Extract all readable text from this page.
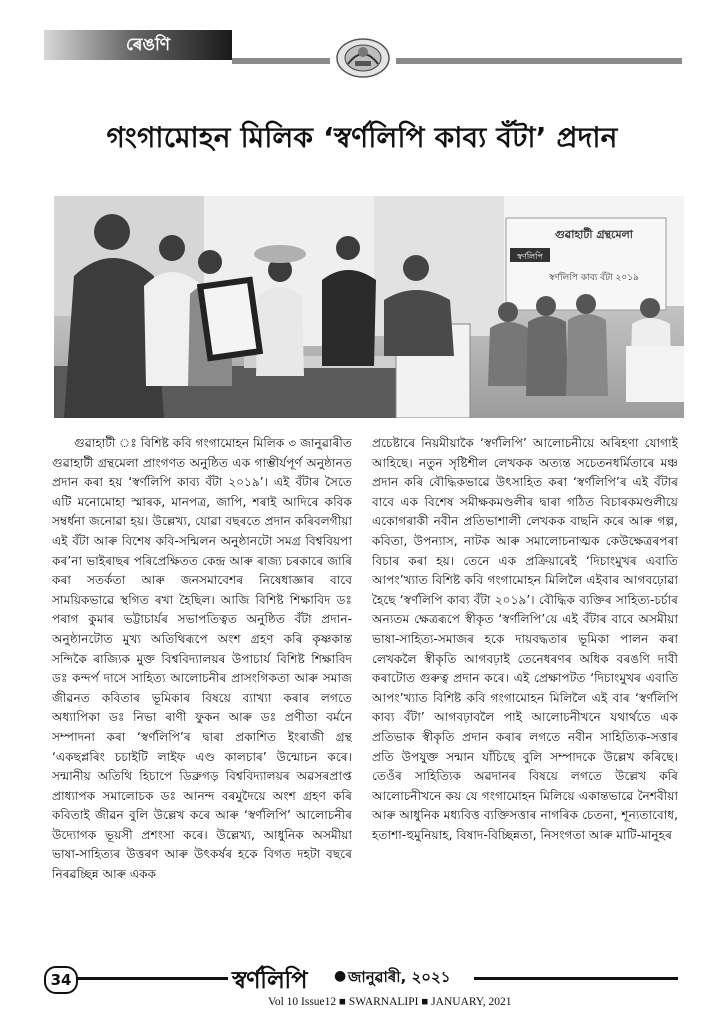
ৰেঙণি
গংগামোহন মিলিক ‘স্বৰ্ণলিপি কাব্য বঁটা’ প্ৰদান
গুৱাহাটী গ্ৰন্থমেলা
স্বৰ্ণলিপি
স্বৰ্ণলিপি কাব্য বঁটা ২০১৯

গুৱাহাটী ঃ বিশিষ্ট কবি গংগামোহন মিলিক ৩ জানুৱাৰীত গুৱাহাটী গ্ৰন্থমেলা প্ৰাংগণত অনুষ্ঠিত এক গাম্ভীৰ্যপূৰ্ণ অনুষ্ঠানত প্ৰদান কৰা হয় ‘স্বৰ্ণলিপি কাব্য বঁটা ২০১৯’। এই বঁটাৰ সৈতে এটি মনোমোহা স্মাৰক, মানপত্ৰ, জাপি, শৰাই আদিৰে কবিক সম্বৰ্ধনা জনোৱা হয়। উল্লেখ্য, যোৱা বছৰতে প্ৰদান কৰিবলগীয়া এই বঁটা আৰু বিশেষ কবি-সন্মিলন অনুষ্ঠানটো সমগ্ৰ বিশ্ববিয়পা কৰ’না ভাইৰাছৰ পৰিপ্ৰেক্ষিতত কেন্দ্ৰ আৰু ৰাজ্য চৰকাৰে জাৰি কৰা সতৰ্কতা আৰু জনসমাবেশৰ নিষেধাজ্ঞাৰ বাবে সাময়িকভাৱে স্থগিত ৰখা হৈছিল। আজি বিশিষ্ট শিক্ষাবিদ ডঃ পৰাগ কুমাৰ ভট্টাচাৰ্যৰ সভাপতিত্বত অনুষ্ঠিত বঁটা প্ৰদান-অনুষ্ঠানটোত মুখ্য অতিথিৰূপে অংশ গ্ৰহণ কৰি কৃষ্ণকান্ত সন্দিকৈ ৰাজ্যিক মুক্ত বিশ্ববিদ্যালয়ৰ উপাচাৰ্য বিশিষ্ট শিক্ষাবিদ ডঃ কন্দৰ্প দাসে সাহিত্য আলোচনীৰ প্ৰাসংগিকতা আৰু সমাজ জীৱনত কবিতাৰ ভূমিকাৰ বিষয়ে ব্যাখ্যা কৰাৰ লগতে অধ্যাপিকা ডঃ নিভা ৰাণী ফুকন আৰু ডঃ প্ৰণীতা বৰ্মনে সম্পাদনা কৰা ‘স্বৰ্ণলিপি’ৰ দ্বাৰা প্ৰকাশিত ইংৰাজী গ্ৰন্থ ‘একছপ্লৰিং চচাইটি লাইফ এণ্ড কালচাৰ’ উন্মোচন কৰে। সন্মানীয় অতিথি হিচাপে ডিব্ৰুগড় বিশ্ববিদ্যালয়ৰ অৱসৰপ্ৰাপ্ত প্ৰাধ্যাপক সমালোচক ডঃ আনন্দ বৰমুদৈয়ে অংশ গ্ৰহণ কৰি কবিতাই জীৱন বুলি উল্লেখ কৰে আৰু ‘স্বৰ্ণলিপি’ আলোচনীৰ উদ্যোগক ভূয়সী প্ৰশংসা কৰে। উল্লেখ্য, আধুনিক অসমীয়া ভাষা-সাহিত্যৰ উত্তৰণ আৰু উৎকৰ্ষৰ হকে বিগত দহটা বছৰে নিৰৱচ্ছিন্ন আৰু একক

প্ৰচেষ্টাৰে নিয়মীয়াকৈ ‘স্বৰ্ণলিপি’ আলোচনীয়ে অৰিহণা যোগাই আহিছে। নতুন সৃষ্টিশীল লেখকক অত্যন্ত সচেতনধৰ্মিতাৰে মঞ্চ প্ৰদান কৰি বৌদ্ধিকভাৱে উৎসাহিত কৰা ‘স্বৰ্ণলিপি’ৰ এই বঁটাৰ বাবে এক বিশেষ সমীক্ষকমণ্ডলীৰ দ্বাৰা গঠিত বিচাৰকমণ্ডলীয়ে একোগৰাকী নবীন প্ৰতিভাশালী লেখকক বাছনি কৰে আৰু গল্প, কবিতা, উপন্যাস, নাটক আৰু সমালোচনাত্মক কেউক্ষেত্ৰৰপৰা বিচাৰ কৰা হয়। তেনে এক প্ৰক্ৰিয়াৰেই ‘দিচাংমুখৰ এবাতি আপং’খ্যাত বিশিষ্ট কবি গংগামোহন মিলিলৈ এইবাৰ আগবঢ়োৱা হৈছে ‘স্বৰ্ণলিপি কাব্য বঁটা ২০১৯’। বৌদ্ধিক ব্যক্তিৰ সাহিত্য-চৰ্চাৰ অন্যতম ক্ষেত্ৰৰূপে স্বীকৃত ‘স্বৰ্ণলিপি’য়ে এই বঁটাৰ বাবে অসমীয়া ভাষা-সাহিত্য-সমাজৰ হকে দায়বদ্ধতাৰ ভূমিকা পালন কৰা লেখকলৈ স্বীকৃতি আগবঢ়াই তেনেধৰণৰ অধিক বৰঙণি দাবী কৰাটোত গুৰুত্ব প্ৰদান কৰে। এই প্ৰেক্ষাপটত ‘দিচাংমুখৰ এবাতি আপং’খ্যাত বিশিষ্ট কবি গংগামোহন মিলিলৈ এই বাৰ ‘স্বৰ্ণলিপি কাব্য বঁটা’ আগবঢ়াবলৈ পাই আলোচনীখনে যথাৰ্থতে এক প্ৰতিভাক স্বীকৃতি প্ৰদান কৰাৰ লগতে নবীন সাহিত্যিক-সত্তাৰ প্ৰতি উপযুক্ত সন্মান যাঁচিছে বুলি সম্পাদকে উল্লেখ কৰিছে। তেওঁৰ সাহিত্যিক অৱদানৰ বিষয়ে লগতে উল্লেখ কৰি আলোচনীখনে কয় যে গংগামোহন মিলিয়ে একান্তভাৱে নৈশবীয়া আৰু আধুনিক মধ্যবিত্ত ব্যক্তিসত্তাৰ নাগৰিক চেতনা, শূন্যতাবোধ, হতাশা-হুমুনিয়াহ, বিষাদ-বিচ্ছিন্নতা, নিসংগতা আৰু মাটি-মানুহৰ

34	স্বৰ্ণলিপি ● জানুৱাৰী, ২০২১
Vol 10 Issue12 ■ SWARNALIPI ■ JANUARY, 2021
